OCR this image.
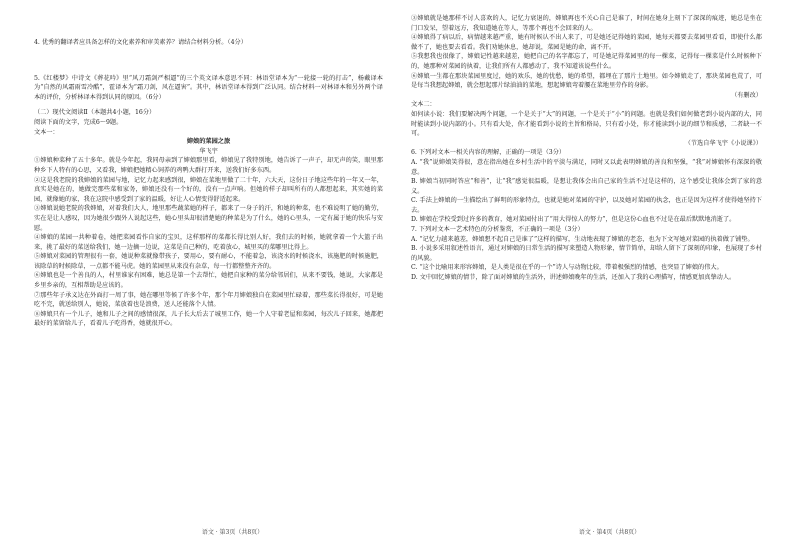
4. 优秀的翻译者应具备怎样的文化素养和审美素养？请结合材料分析。（4分）

5.《红楼梦》中诗文《葬花吟》里“风刀霜剑严相逼”的三个英文译本意思不同：林语堂译本为“一轮接一轮的打击”，杨戴译本为“自然的风霜雨雪冷酷”，霍译本为“霜刀剑，风在逼害”。其中，林语堂译本得到广泛认同。结合材料一对林译本和另外两个译本的评价，分析林译本得到认同的原因。（6分）

（二）现代文阅读Ⅱ（本题共4小题，16分）

阅读下面的文字，完成6～9题。

文本一：

婶娘的菜园之旅

华飞宇

①婶娘种菜种了五十多年。就是今年起，我同母亲到了婶娘那里看，婶娘见了我特别地，她告诉了一声子，却无声的笑，眼里那种乡下人特有的心思，又看我，婶娘把她精心饲养的鸡鸭大群打开来，送我们好多东西。

②这是我老院的我婶娘的菜园与地，记忆力起来感到很，婶娘在菜地里做了二十年，六大天，这份日子地这些年的一年又一年，真实是她在的，她做完那些菜和家务，婶娘还没有一个好的，没有一点声响。但她的样子却叫所有的人都想起来，其实她的菜园，就像她的家，我在这院中感受到了家的温暖，好让人心情变得舒适起来。

③婶娘说她老院的我婶娘，对着我们大人，地里那些蔬菜她的样子，都来了一身子的汗，和她的种菜，也不难说明了她的勤劳，实在是让人感叹，因为她很少跟外人说起这些，她心里头却很清楚她的种菜是为了什么，她的心里头，一定有属于她的快乐与安慰。

④婶娘的菜园一共种着卷，她把菜园看作自家的宝贝，这样那样的菜都长得比别人好，我们去的时候，她就拿着一个大篮子出来，挑了最好的菜送给我们，她一边摘一边说，这菜是自己种的，吃着放心，城里买的菜哪里比得上。

⑤婶娘对菜园的管理很有一套，她说种菜就像带孩子，要用心，要有耐心，不能着急，该浇水的时候浇水，该施肥的时候施肥，该除草的时候除草，一点都不能马虎。她的菜园里从来没有杂草，每一行都整整齐齐的。

⑥婶娘也是一个善良的人，村里谁家有困难，她总是第一个去帮忙，她把自家种的菜分给邻居们，从来不要钱，她说，大家都是乡里乡亲的，互相帮助是应该的。

⑦那些年子承义达在外面打一周了事，她在哪里等候了许多个年，那个年月婶娘独自在菜园里忙碌着，那些菜长得很好，可是她吃不完，就送给别人，她说，菜放着也是浪费，送人还能落个人情。

⑧婶娘只有一个儿子，她和儿子之间的感情很深，儿子长大后去了城里工作，她一个人守着老屋和菜园，每次儿子回来，她都把最好的菜留给儿子，看着儿子吃得香，她就很开心。

语文 · 第3页（共8页）

③婶娘就是她那样不讨人喜欢的人，记忆力衰退的，婶娘再也不关心自己是谁了，时间在她身上刻下了深深的痕迹，她总是坐在门口发呆，望着远方，我知道她在等人，等那个再也不会回来的人。

④婶娘得了病以后，病情越来越严重，她有时候认不出人来了，可是她还记得她的菜园，她每天都要去菜园里看看，即使什么都做不了，她也要去看看。我们劝她休息，她却说，菜园是她的命，离不开。

⑤我想我也很像了，婶娘记性越来越差，她把自己的名字都忘了，可是她记得菜园里的每一棵菜，记得每一棵菜是什么时候种下的，她那种对菜园的执着，让我们所有人都感动了，我不知道该说些什么。

⑥婶娘一生都在那块菜园里度过，她的欢乐，她的忧愁，她的希望，都埋在了那片土地里。如今婶娘走了，那块菜园也荒了，可是每当我想起婶娘，就会想起那片绿油油的菜地，想起婶娘弯着腰在菜地里劳作的身影。

（有删改）

文本二：

如何读小说：我们要解决两个问题，一个是关于“大”的问题，一个是关于“小”的问题。也就是我们如何做老到小说内部的大，同时能读到小说内部的小。只有看大处，你才能看到小说的主旨和格局，只有看小处，你才能读到小说的细节和质感，二者缺一不可。

（节选自华飞宇《小说课》）

6. 下列对文本一相关内容的理解，正确的一项是（3分）

A. “我”说婶娘笑得很，意在指出她在乡村生活中的平淡与满足，同时又以此表明婶娘的善良和坚强，“我”对婶娘怀有深深的敬意。

B. 婶娘当初同时答应“和善”，让“我”感觉很温暖，是想让我体会出自己家的生活不过是这样的，这个感受让我体会到了家的意义。

C. 手法上婶娘的一生描绘出了鲜明的形象特点，也就是她对菜园的守护，以及她对菜园的执念，也正是因为这样才使得她坚持下去。

D. 婶娘在学校受到过许多的教育，她对菜园付出了“用大得惊人的努力”，但是这份心血也不过是在最后默默地消逝了。

7. 下列对文本一艺术特色的分析鉴赏，不正确的一项是（3分）

A. “记忆力越来越差，婶娘想不起自己是谁了”这样的描写，生动地表现了婶娘的老态，也为下文写她对菜园的执着做了铺垫。

B. 小说多采用叙述性语言，通过对婶娘的日常生活的描写来塑造人物形象，情节简单，却给人留下了深刻的印象，也展现了乡村的风貌。

C. “这个比喻用来形容婶娘，是人类是很在乎的一个”诗人与动物比较，带着极强烈的情感，也突显了婶娘的伟大。

D. 文中回忆婶娘的情节，除了面对婶娘的生活外，讲述婶娘晚年的生活，还加入了我的心理描写，情感更加真挚动人。

语文 · 第4页（共8页）
